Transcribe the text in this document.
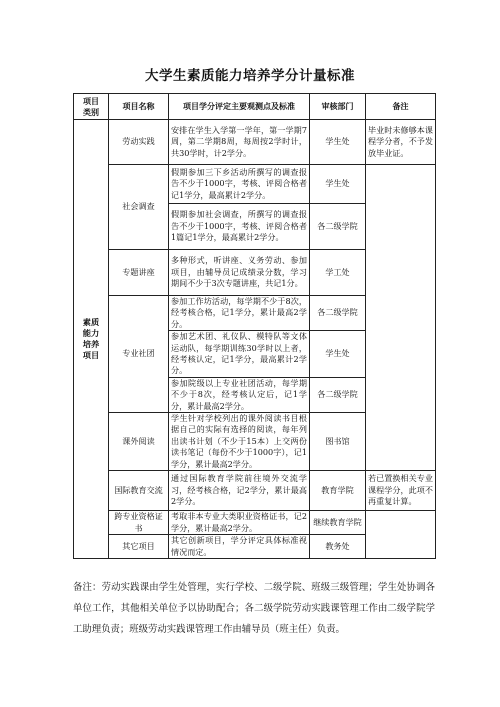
大学生素质能力培养学分计量标准
项目类别	项目名称	项目学分评定主要观测点及标准	审核部门	备注
素质能力培养项目	劳动实践	安排在学生入学第一学年，第一学期7周，第二学期8周，每周按2学时计，共30学时，计2学分。	学生处	毕业时未修够本课程学分者，不予发放毕业证。
	社会调查	假期参加三下乡活动所撰写的调查报告不少于1000字，考核、评阅合格者记1学分，最高累计2学分。	学生处	
		假期参加社会调查，所撰写的调查报告不少于1000字，考核、评阅合格者1篇记1学分，最高累计2学分。	各二级学院	
	专题讲座	多种形式，听讲座、义务劳动、参加项目，由辅导员记成绩录分数，学习期间不少于3次专题讲座，共记1分。	学工处	
	专业社团	参加工作坊活动，每学期不少于8次，经考核合格，记1学分，累计最高2学分。	各二级学院	
		参加艺术团、礼仪队、模特队等文体运动队，每学期训练30学时以上者，经考核认定，记1学分，最高累计2学分。	学生处	
		参加院级以上专业社团活动，每学期不少于8次，经考核认定后，记1学分，累计最高2学分。	各二级学院	
	课外阅读	学生针对学校列出的课外阅读书目根据自己的实际有选择的阅读，每年列出读书计划（不少于15本）上交两份读书笔记（每份不少于1000字），记1学分，累计最高2学分。	图书馆	
	国际教育交流	通过国际教育学院前往境外交流学习，经考核合格，记2学分，累计最高2学分。	教育学院	若已置换相关专业课程学分，此项不再重复计算。
	跨专业资格证书	考取非本专业大类职业资格证书，记2学分，累计最高2学分。	继续教育学院	
	其它项目	其它创新项目，学分评定具体标准视情况而定。	教务处	
备注：劳动实践课由学生处管理，实行学校、二级学院、班级三级管理；学生处协调各单位工作，其他相关单位予以协助配合；各二级学院劳动实践课管理工作由二级学院学工助理负责；班级劳动实践课管理工作由辅导员（班主任）负责。
